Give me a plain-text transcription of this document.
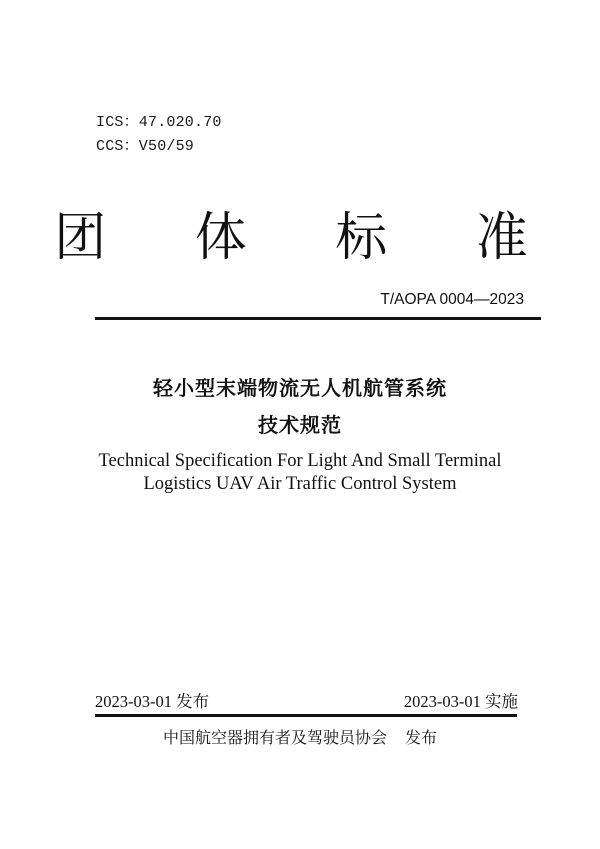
ICS：47.020.70
CCS：V50/59
团 体 标 准
T/AOPA 0004—2023
轻小型末端物流无人机航管系统
技术规范
Technical Specification For Light And Small Terminal
Logistics UAV Air Traffic Control System
2023-03-01 发布	2023-03-01 实施
中国航空器拥有者及驾驶员协会 发布
